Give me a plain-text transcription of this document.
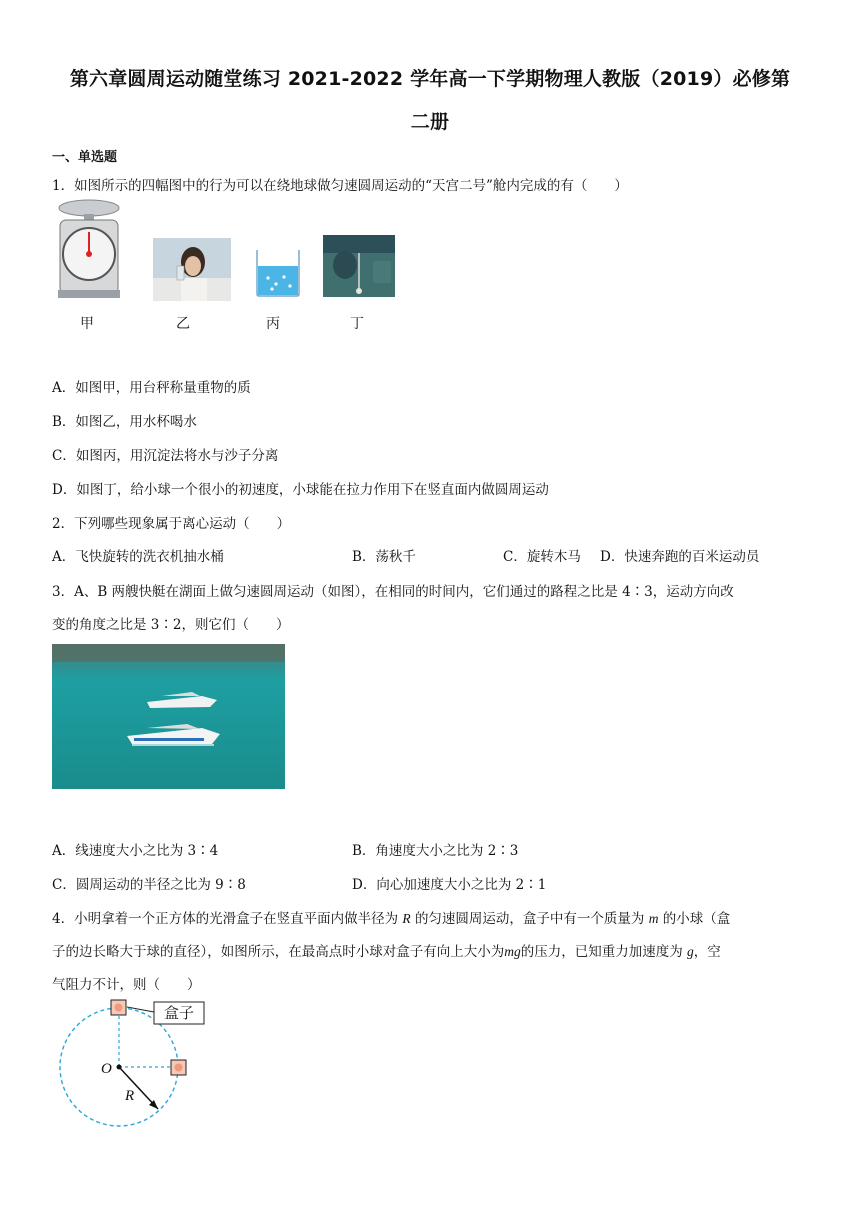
第六章圆周运动随堂练习 2021-2022 学年高一下学期物理人教版（2019）必修第
二册
一、单选题
1．如图所示的四幅图中的行为可以在绕地球做匀速圆周运动的“天宫二号”舱内完成的有（　　）
甲	乙	丙	丁
A．如图甲，用台秤称量重物的质
B．如图乙，用水杯喝水
C．如图丙，用沉淀法将水与沙子分离
D．如图丁，给小球一个很小的初速度，小球能在拉力作用下在竖直面内做圆周运动
2．下列哪些现象属于离心运动（　　）
A．飞快旋转的洗衣机抽水桶	B．荡秋千	C．旋转木马 D．快速奔跑的百米运动员
3．A、B 两艘快艇在湖面上做匀速圆周运动（如图），在相同的时间内，它们通过的路程之比是 4∶3，运动方向改
变的角度之比是 3∶2，则它们（　　）
A．线速度大小之比为 3∶4	B．角速度大小之比为 2∶3
C．圆周运动的半径之比为 9∶8	D．向心加速度大小之比为 2∶1
4．小明拿着一个正方体的光滑盒子在竖直平面内做半径为 R 的匀速圆周运动，盒子中有一个质量为 m 的小球（盒
子的边长略大于球的直径），如图所示，在最高点时小球对盒子有向上大小为mg的压力，已知重力加速度为 g，空
气阻力不计，则（　　）
盒子
O
R
